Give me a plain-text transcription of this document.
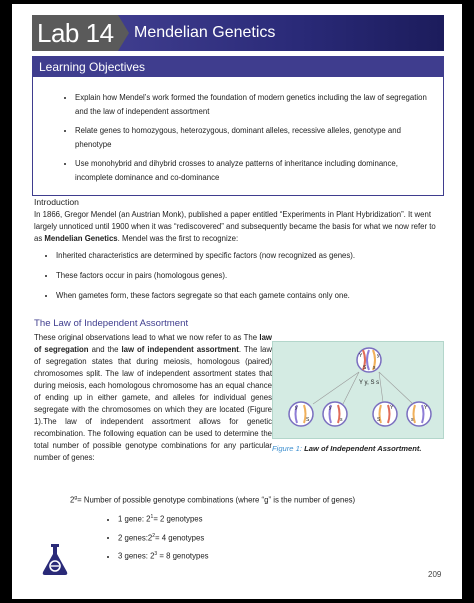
Lab 14	Mendelian Genetics
Learning Objectives
• Explain how Mendel’s work formed the foundation of modern genetics including the law of segregation and the law of independent assortment
• Relate genes to homozygous, heterozygous, dominant alleles, recessive alleles, genotype and phenotype
• Use monohybrid and dihybrid crosses to analyze patterns of inheritance including dominance, incomplete dominance and co-dominance
Introduction

In 1866, Gregor Mendel (an Austrian Monk), published a paper entitled “Experiments in Plant Hybridization”. It went largely unnoticed until 1900 when it was “rediscovered” and subsequently became the basis for what we now refer to as Mendelian Genetics. Mendel was the first to recognize:

• Inherited characteristics are determined by specific factors (now recognized as genes).
• These factors occur in pairs (homologous genes).
• When gametes form, these factors segregate so that each gamete contains only one.
The Law of Independent Assortment

These original observations lead to what we now refer to as The law of segregation and the law of independent assortment. The law of segregation states that during meiosis, homologous (paired) chromosomes split. The law of independent assortment states that during meiosis, each homologous chromosome has an equal chance of ending up in either gamete, and alleles for individual genes segregate with the chromosomes on which they are located (Figure 1).The law of independent assortment allows for genetic recombination. The following equation can be used to determine the total number of possible genotype combinations for any particular number of genes:

Y	y
S s
Y y, S s
y
S
y
s
Y
S
Y
s
Figure 1: Law of Independent Assortment.
$2^g=$ Number of possible genotype combinations (where “g” is the number of genes)
• 1 gene: $2^1= 2$ genotypes
• 2 $genes:2^2= 4$ genotypes
• 3 genes: $2^3 = 8$ genotypes
209
